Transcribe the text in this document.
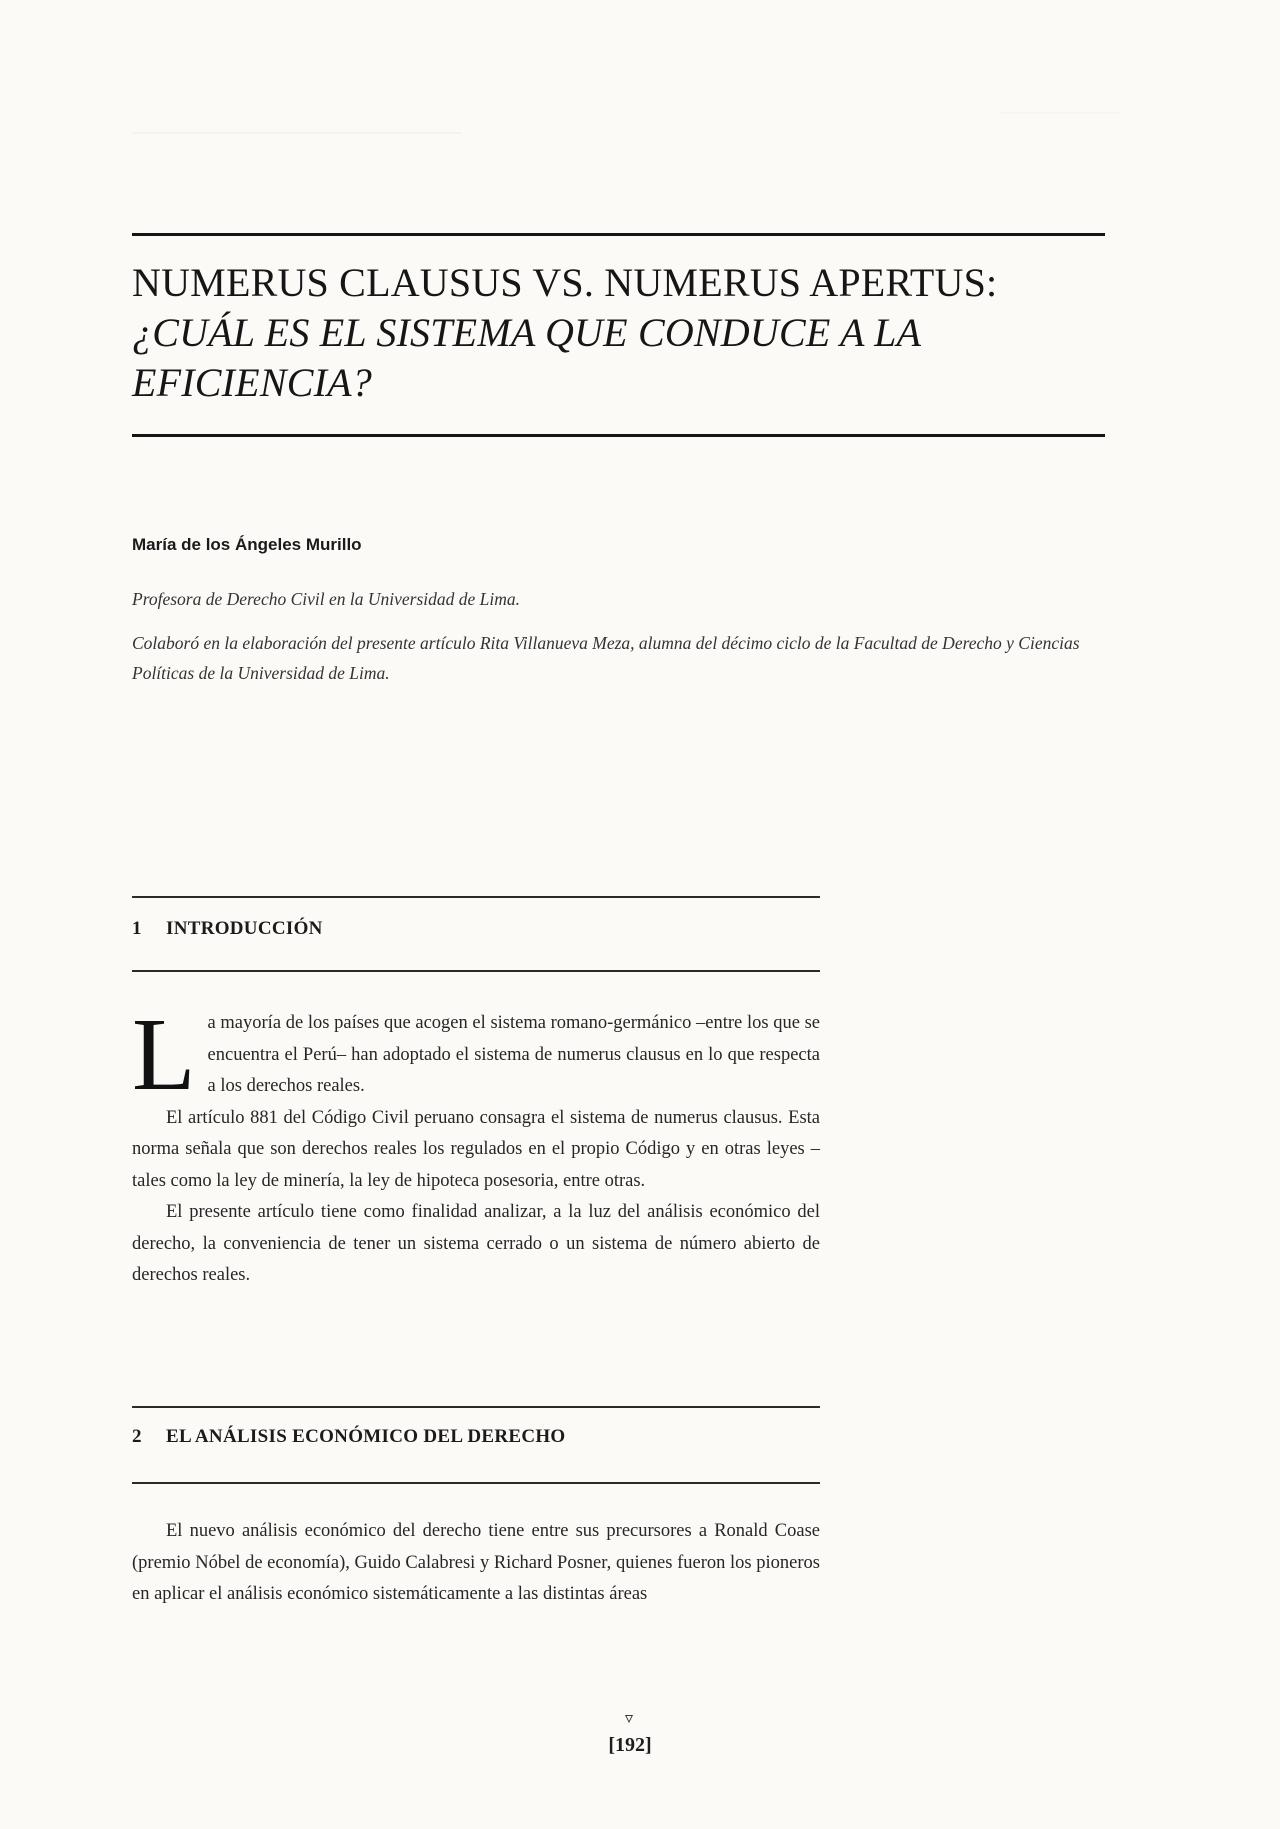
NUMERUS CLAUSUS VS. NUMERUS APERTUS:
¿CUÁL ES EL SISTEMA QUE CONDUCE A LA EFICIENCIA?
María de los Ángeles Murillo
Profesora de Derecho Civil en la Universidad de Lima.
Colaboró en la elaboración del presente artículo Rita Villanueva Meza, alumna del décimo ciclo de la Facultad de Derecho y Ciencias Políticas de la Universidad de Lima.
1 INTRODUCCIÓN

La mayoría de los países que acogen el sistema romano-germánico –entre los que se encuentra el Perú– han adoptado el sistema de numerus clausus en lo que respecta a los derechos reales.

El artículo 881 del Código Civil peruano consagra el sistema de numerus clausus. Esta norma señala que son derechos reales los regulados en el propio Código y en otras leyes –tales como la ley de minería, la ley de hipoteca posesoria, entre otras.

El presente artículo tiene como finalidad analizar, a la luz del análisis económico del derecho, la conveniencia de tener un sistema cerrado o un sistema de número abierto de derechos reales.

2 EL ANÁLISIS ECONÓMICO DEL DERECHO

El nuevo análisis económico del derecho tiene entre sus precursores a Ronald Coase (premio Nóbel de economía), Guido Calabresi y Richard Posner, quienes fueron los pioneros en aplicar el análisis económico sistemáticamente a las distintas áreas

▿
[192]
